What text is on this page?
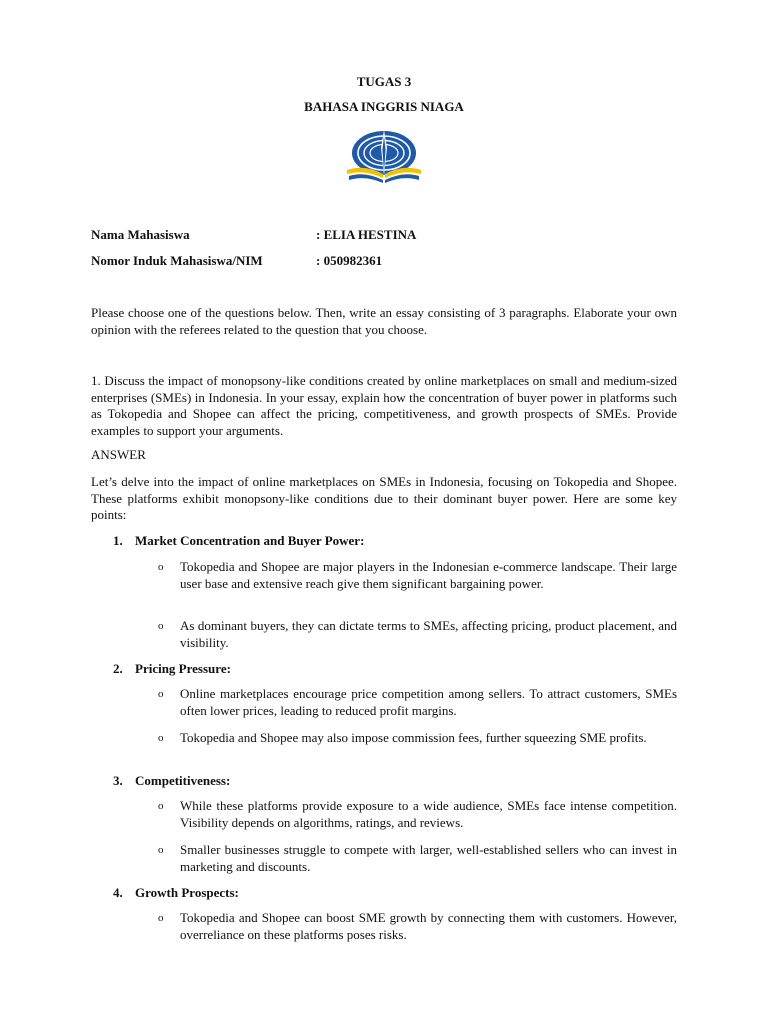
TUGAS 3
BAHASA INGGRIS NIAGA
Nama Mahasiswa	: ELIA HESTINA
Nomor Induk Mahasiswa/NIM	: 050982361

Please choose one of the questions below. Then, write an essay consisting of 3 paragraphs. Elaborate your own opinion with the referees related to the question that you choose.

1. Discuss the impact of monopsony-like conditions created by online marketplaces on small and medium-sized enterprises (SMEs) in Indonesia. In your essay, explain how the concentration of buyer power in platforms such as Tokopedia and Shopee can affect the pricing, competitiveness, and growth prospects of SMEs. Provide examples to support your arguments.

ANSWER

Let’s delve into the impact of online marketplaces on SMEs in Indonesia, focusing on Tokopedia and Shopee. These platforms exhibit monopsony-like conditions due to their dominant buyer power. Here are some key points:

1. Market Concentration and Buyer Power:
o Tokopedia and Shopee are major players in the Indonesian e-commerce landscape. Their large user base and extensive reach give them significant bargaining power.
o As dominant buyers, they can dictate terms to SMEs, affecting pricing, product placement, and visibility.
2. Pricing Pressure:
o Online marketplaces encourage price competition among sellers. To attract customers, SMEs often lower prices, leading to reduced profit margins.
o Tokopedia and Shopee may also impose commission fees, further squeezing SME profits.
3. Competitiveness:
o While these platforms provide exposure to a wide audience, SMEs face intense competition. Visibility depends on algorithms, ratings, and reviews.
o Smaller businesses struggle to compete with larger, well-established sellers who can invest in marketing and discounts.
4. Growth Prospects:
o Tokopedia and Shopee can boost SME growth by connecting them with customers. However, overreliance on these platforms poses risks.
